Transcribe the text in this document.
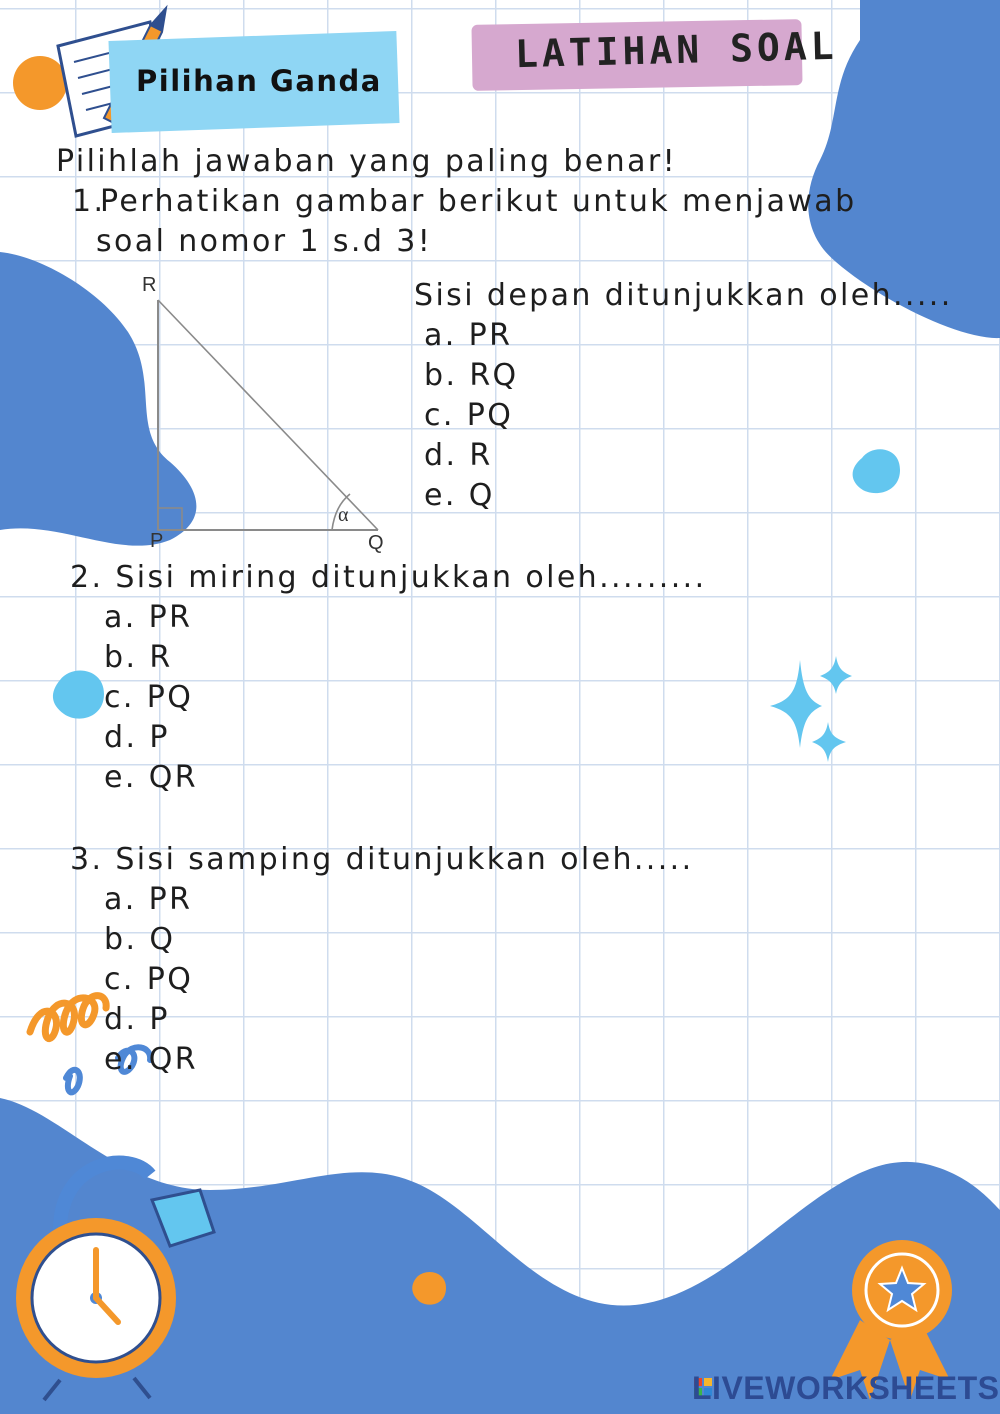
LATIHAN SOAL
Pilihan Ganda
Pilihlah jawaban yang paling benar!
1.
Perhatikan gambar berikut untuk menjawab
soal nomor 1 s.d 3!
R
P	Q
α
Sisi depan ditunjukkan oleh.....
a. PR
b. RQ
c. PQ
d. R
e. Q
2. Sisi miring ditunjukkan oleh.........
a. PR
b. R
c. PQ
d. P
e. QR
3. Sisi samping ditunjukkan oleh.....
a. PR
b. Q
c. PQ
d. P
e. QR
LIVEWORKSHEETS
